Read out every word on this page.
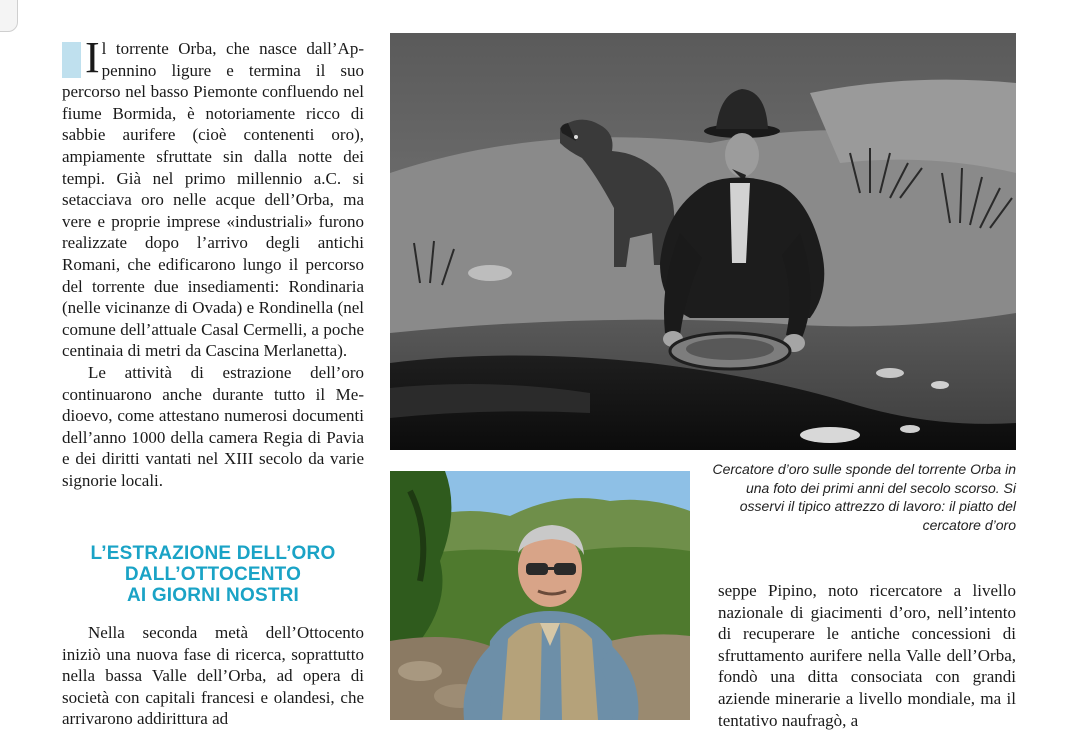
Il torrente Orba, che nasce dall’Appennino ligure e termina il suo percorso nel basso Piemonte confluendo nel fiume Bormida, è notoriamente ricco di sabbie aurifere (cioè contenenti oro), ampiamente sfruttate sin dalla notte dei tempi. Già nel primo millennio a.C. si setacciava oro nelle acque dell’Orba, ma vere e proprie imprese «industriali» furono realizzate dopo l’arrivo degli antichi Romani, che edificarono lungo il percorso del torrente due insediamenti: Rondinaria (nelle vicinanze di Ovada) e Rondinella (nel comune dell’attuale Casal Cermelli, a poche centinaia di metri da Cascina Merlanetta).

Le attività di estrazione dell’oro continuarono anche durante tutto il Medioevo, come attestano numerosi documenti dell’anno 1000 della camera Regia di Pavia e dei diritti vantati nel XIII secolo da varie signorie locali.

L’ESTRAZIONE DELL’ORO
DALL’OTTOCENTO
AI GIORNI NOSTRI

Nella seconda metà dell’Ottocento iniziò una nuova fase di ricerca, soprattutto nella bassa Valle dell’Orba, ad opera di società con capitali francesi e olandesi, che arrivarono addirittura ad

Cercatore d’oro sulle sponde del torrente Orba in una foto dei primi anni del secolo scorso. Si osservi il tipico attrezzo di lavoro: il piatto del cercatore d’oro

seppe Pipino, noto ricercatore a livello nazionale di giacimenti d’oro, nell’intento di recuperare le antiche concessioni di sfruttamento aurifere nella Valle dell’Orba, fondò una ditta consociata con grandi aziende minerarie a livello mondiale, ma il tentativo naufragò, a
